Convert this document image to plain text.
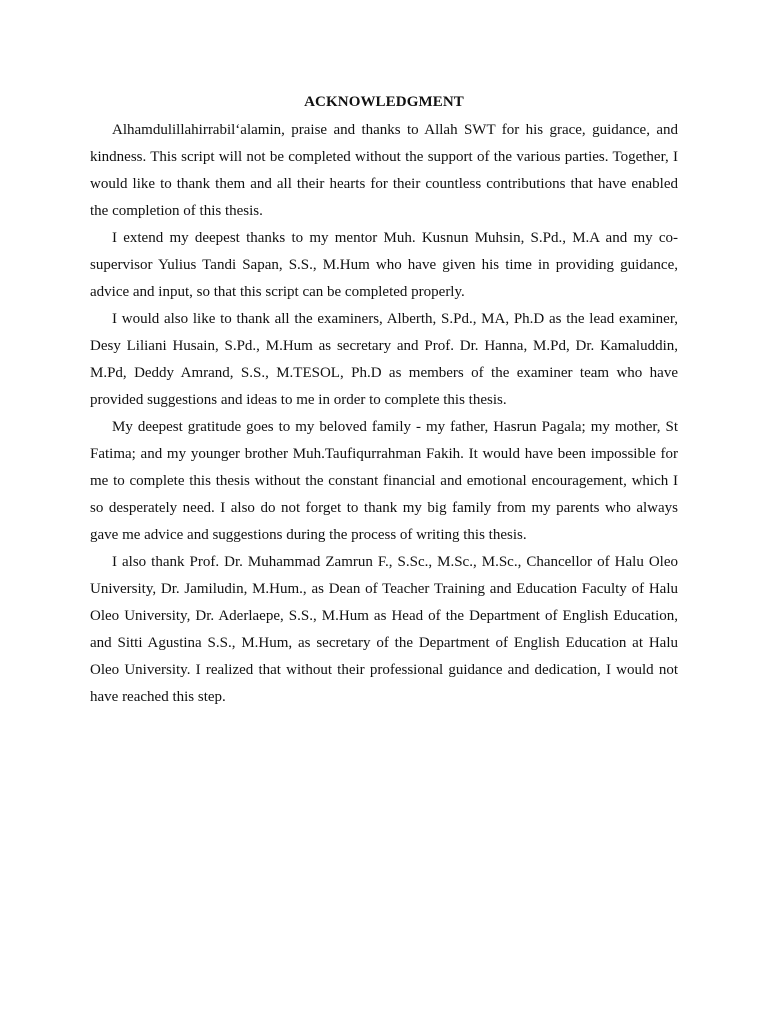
ACKNOWLEDGMENT

Alhamdulillahirrabil‘alamin, praise and thanks to Allah SWT for his grace, guidance, and kindness. This script will not be completed without the support of the various parties. Together, I would like to thank them and all their hearts for their countless contributions that have enabled the completion of this thesis.

I extend my deepest thanks to my mentor Muh. Kusnun Muhsin, S.Pd., M.A and my co-supervisor Yulius Tandi Sapan, S.S., M.Hum who have given his time in providing guidance, advice and input, so that this script can be completed properly.

I would also like to thank all the examiners, Alberth, S.Pd., MA, Ph.D as the lead examiner, Desy Liliani Husain, S.Pd., M.Hum as secretary and Prof. Dr. Hanna, M.Pd, Dr. Kamaluddin, M.Pd, Deddy Amrand, S.S., M.TESOL, Ph.D as members of the examiner team who have provided suggestions and ideas to me in order to complete this thesis.

My deepest gratitude goes to my beloved family - my father, Hasrun Pagala; my mother, St Fatima; and my younger brother Muh.Taufiqurrahman Fakih. It would have been impossible for me to complete this thesis without the constant financial and emotional encouragement, which I so desperately need. I also do not forget to thank my big family from my parents who always gave me advice and suggestions during the process of writing this thesis.

I also thank Prof. Dr. Muhammad Zamrun F., S.Sc., M.Sc., M.Sc., Chancellor of Halu Oleo University, Dr. Jamiludin, M.Hum., as Dean of Teacher Training and Education Faculty of Halu Oleo University, Dr. Aderlaepe, S.S., M.Hum as Head of the Department of English Education, and Sitti Agustina S.S., M.Hum, as secretary of the Department of English Education at Halu Oleo University. I realized that without their professional guidance and dedication, I would not have reached this step.
